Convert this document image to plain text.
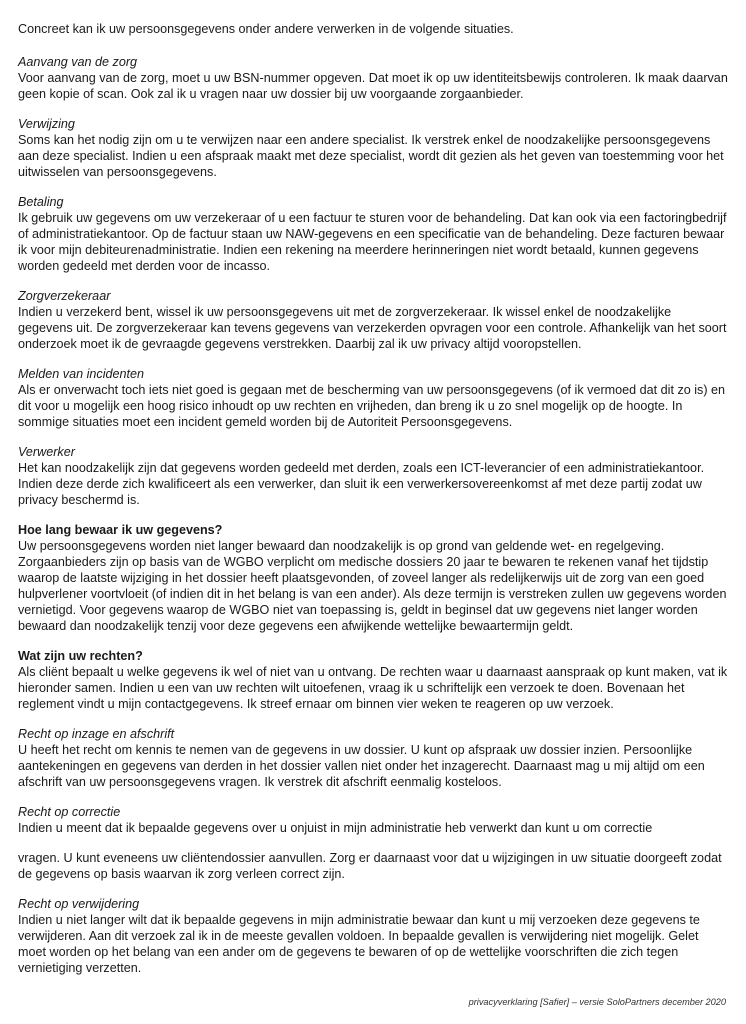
Concreet kan ik uw persoonsgegevens onder andere verwerken in de volgende situaties.

Aanvang van de zorg

Voor aanvang van de zorg, moet u uw BSN-nummer opgeven. Dat moet ik op uw identiteitsbewijs controleren. Ik maak daarvan geen kopie of scan. Ook zal ik u vragen naar uw dossier bij uw voorgaande zorgaanbieder.

Verwijzing

Soms kan het nodig zijn om u te verwijzen naar een andere specialist. Ik verstrek enkel de noodzakelijke persoonsgegevens aan deze specialist. Indien u een afspraak maakt met deze specialist, wordt dit gezien als het geven van toestemming voor het uitwisselen van persoonsgegevens.

Betaling

Ik gebruik uw gegevens om uw verzekeraar of u een factuur te sturen voor de behandeling. Dat kan ook via een factoringbedrijf of administratiekantoor. Op de factuur staan uw NAW-gegevens en een specificatie van de behandeling. Deze facturen bewaar ik voor mijn debiteurenadministratie. Indien een rekening na meerdere herinneringen niet wordt betaald, kunnen gegevens worden gedeeld met derden voor de incasso.

Zorgverzekeraar

Indien u verzekerd bent, wissel ik uw persoonsgegevens uit met de zorgverzekeraar. Ik wissel enkel de noodzakelijke gegevens uit. De zorgverzekeraar kan tevens gegevens van verzekerden opvragen voor een controle. Afhankelijk van het soort onderzoek moet ik de gevraagde gegevens verstrekken. Daarbij zal ik uw privacy altijd vooropstellen.

Melden van incidenten

Als er onverwacht toch iets niet goed is gegaan met de bescherming van uw persoonsgegevens (of ik vermoed dat dit zo is) en dit voor u mogelijk een hoog risico inhoudt op uw rechten en vrijheden, dan breng ik u zo snel mogelijk op de hoogte. In sommige situaties moet een incident gemeld worden bij de Autoriteit Persoonsgegevens.

Verwerker

Het kan noodzakelijk zijn dat gegevens worden gedeeld met derden, zoals een ICT-leverancier of een administratiekantoor. Indien deze derde zich kwalificeert als een verwerker, dan sluit ik een verwerkersovereenkomst af met deze partij zodat uw privacy beschermd is.

Hoe lang bewaar ik uw gegevens?

Uw persoonsgegevens worden niet langer bewaard dan noodzakelijk is op grond van geldende wet- en regelgeving. Zorgaanbieders zijn op basis van de WGBO verplicht om medische dossiers 20 jaar te bewaren te rekenen vanaf het tijdstip waarop de laatste wijziging in het dossier heeft plaatsgevonden, of zoveel langer als redelijkerwijs uit de zorg van een goed hulpverlener voortvloeit (of indien dit in het belang is van een ander). Als deze termijn is verstreken zullen uw gegevens worden vernietigd. Voor gegevens waarop de WGBO niet van toepassing is, geldt in beginsel dat uw gegevens niet langer worden bewaard dan noodzakelijk tenzij voor deze gegevens een afwijkende wettelijke bewaartermijn geldt.

Wat zijn uw rechten?

Als cliënt bepaalt u welke gegevens ik wel of niet van u ontvang. De rechten waar u daarnaast aanspraak op kunt maken, vat ik hieronder samen. Indien u een van uw rechten wilt uitoefenen, vraag ik u schriftelijk een verzoek te doen. Bovenaan het reglement vindt u mijn contactgegevens. Ik streef ernaar om binnen vier weken te reageren op uw verzoek.

Recht op inzage en afschrift

U heeft het recht om kennis te nemen van de gegevens in uw dossier. U kunt op afspraak uw dossier inzien. Persoonlijke aantekeningen en gegevens van derden in het dossier vallen niet onder het inzagerecht. Daarnaast mag u mij altijd om een afschrift van uw persoonsgegevens vragen. Ik verstrek dit afschrift eenmalig kosteloos.

Recht op correctie

Indien u meent dat ik bepaalde gegevens over u onjuist in mijn administratie heb verwerkt dan kunt u om correctie

vragen. U kunt eveneens uw cliëntendossier aanvullen. Zorg er daarnaast voor dat u wijzigingen in uw situatie doorgeeft zodat de gegevens op basis waarvan ik zorg verleen correct zijn.

Recht op verwijdering

Indien u niet langer wilt dat ik bepaalde gegevens in mijn administratie bewaar dan kunt u mij verzoeken deze gegevens te verwijderen. Aan dit verzoek zal ik in de meeste gevallen voldoen. In bepaalde gevallen is verwijdering niet mogelijk. Gelet moet worden op het belang van een ander om de gegevens te bewaren of op de wettelijke voorschriften die zich tegen vernietiging verzetten.

privacyverklaring [Safier] – versie SoloPartners december 2020
